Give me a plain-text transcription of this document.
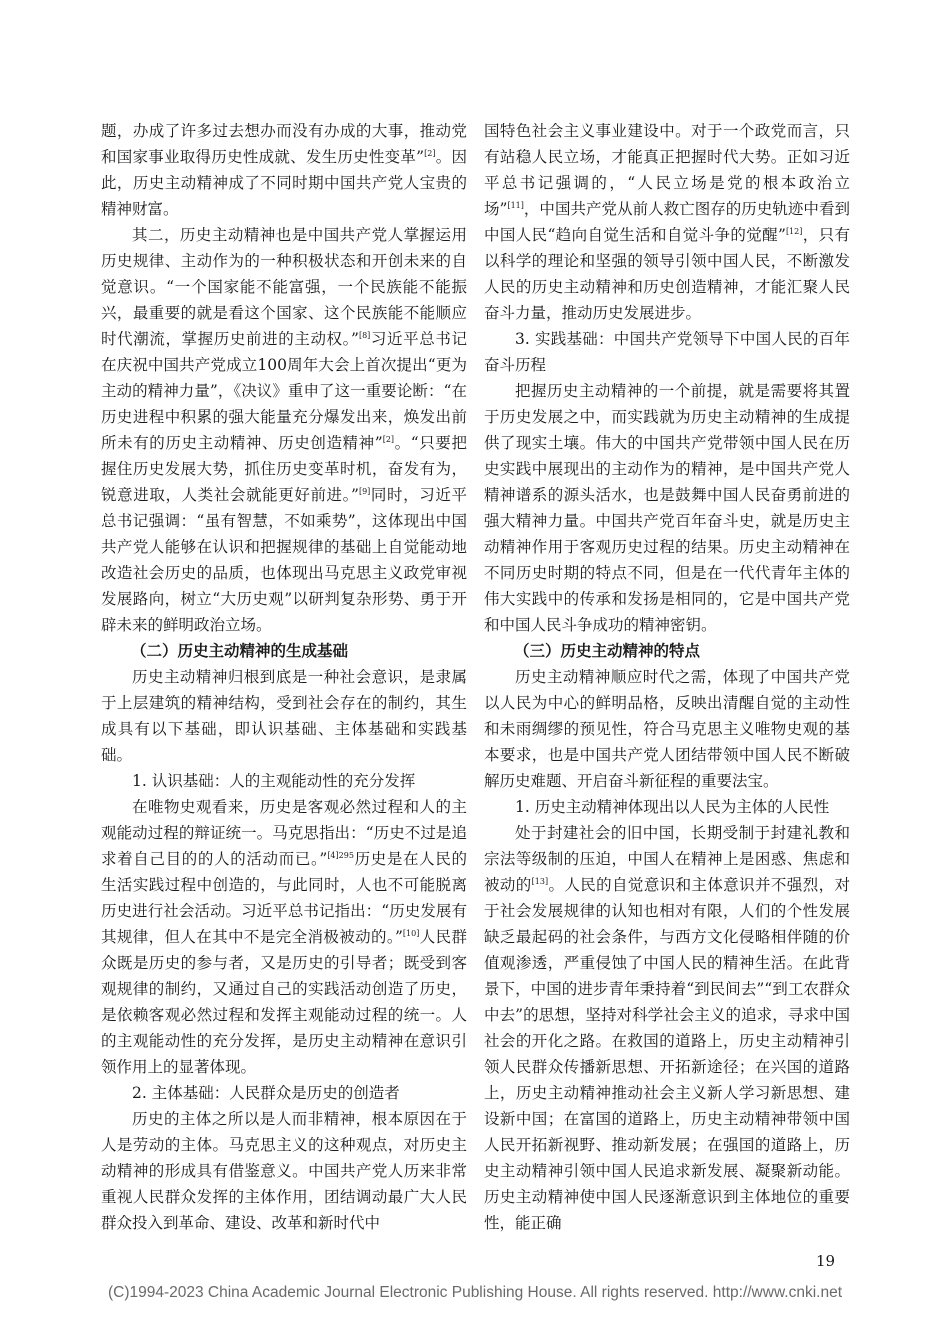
题，办成了许多过去想办而没有办成的大事，推动党和国家事业取得历史性成就、发生历史性变革”[2]。因此，历史主动精神成了不同时期中国共产党人宝贵的精神财富。

其二，历史主动精神也是中国共产党人掌握运用历史规律、主动作为的一种积极状态和开创未来的自觉意识。“一个国家能不能富强，一个民族能不能振兴，最重要的就是看这个国家、这个民族能不能顺应时代潮流，掌握历史前进的主动权。”[8]习近平总书记在庆祝中国共产党成立100周年大会上首次提出“更为主动的精神力量”，《决议》重申了这一重要论断：“在历史进程中积累的强大能量充分爆发出来，焕发出前所未有的历史主动精神、历史创造精神”[2]。“只要把握住历史发展大势，抓住历史变革时机，奋发有为，锐意进取，人类社会就能更好前进。”[9]同时，习近平总书记强调：“虽有智慧，不如乘势”，这体现出中国共产党人能够在认识和把握规律的基础上自觉能动地改造社会历史的品质，也体现出马克思主义政党审视发展路向，树立“大历史观”以研判复杂形势、勇于开辟未来的鲜明政治立场。

（二）历史主动精神的生成基础

历史主动精神归根到底是一种社会意识，是隶属于上层建筑的精神结构，受到社会存在的制约，其生成具有以下基础，即认识基础、主体基础和实践基础。

1. 认识基础：人的主观能动性的充分发挥

在唯物史观看来，历史是客观必然过程和人的主观能动过程的辩证统一。马克思指出：“历史不过是追求着自己目的的人的活动而已。”$^{[4]295}$历史是在人民的生活实践过程中创造的，与此同时，人也不可能脱离历史进行社会活动。习近平总书记指出：“历史发展有其规律，但人在其中不是完全消极被动的。”[10]人民群众既是历史的参与者，又是历史的引导者；既受到客观规律的制约，又通过自己的实践活动创造了历史，是依赖客观必然过程和发挥主观能动过程的统一。人的主观能动性的充分发挥，是历史主动精神在意识引领作用上的显著体现。

2. 主体基础：人民群众是历史的创造者

历史的主体之所以是人而非精神，根本原因在于人是劳动的主体。马克思主义的这种观点，对历史主动精神的形成具有借鉴意义。中国共产党人历来非常重视人民群众发挥的主体作用，团结调动最广大人民群众投入到革命、建设、改革和新时代中

国特色社会主义事业建设中。对于一个政党而言，只有站稳人民立场，才能真正把握时代大势。正如习近平总书记强调的，“人民立场是党的根本政治立场”[11]，中国共产党从前人救亡图存的历史轨迹中看到中国人民“趋向自觉生活和自觉斗争的觉醒”[12]，只有以科学的理论和坚强的领导引领中国人民，不断激发人民的历史主动精神和历史创造精神，才能汇聚人民奋斗力量，推动历史发展进步。

3. 实践基础：中国共产党领导下中国人民的百年奋斗历程

把握历史主动精神的一个前提，就是需要将其置于历史发展之中，而实践就为历史主动精神的生成提供了现实土壤。伟大的中国共产党带领中国人民在历史实践中展现出的主动作为的精神，是中国共产党人精神谱系的源头活水，也是鼓舞中国人民奋勇前进的强大精神力量。中国共产党百年奋斗史，就是历史主动精神作用于客观历史过程的结果。历史主动精神在不同历史时期的特点不同，但是在一代代青年主体的伟大实践中的传承和发扬是相同的，它是中国共产党和中国人民斗争成功的精神密钥。

（三）历史主动精神的特点

历史主动精神顺应时代之需，体现了中国共产党以人民为中心的鲜明品格，反映出清醒自觉的主动性和未雨绸缪的预见性，符合马克思主义唯物史观的基本要求，也是中国共产党人团结带领中国人民不断破解历史难题、开启奋斗新征程的重要法宝。

1. 历史主动精神体现出以人民为主体的人民性

处于封建社会的旧中国，长期受制于封建礼教和宗法等级制的压迫，中国人在精神上是困惑、焦虑和被动的[13]。人民的自觉意识和主体意识并不强烈，对于社会发展规律的认知也相对有限，人们的个性发展缺乏最起码的社会条件，与西方文化侵略相伴随的价值观渗透，严重侵蚀了中国人民的精神生活。在此背景下，中国的进步青年秉持着“到民间去”“到工农群众中去”的思想，坚持对科学社会主义的追求，寻求中国社会的开化之路。在救国的道路上，历史主动精神引领人民群众传播新思想、开拓新途径；在兴国的道路上，历史主动精神推动社会主义新人学习新思想、建设新中国；在富国的道路上，历史主动精神带领中国人民开拓新视野、推动新发展；在强国的道路上，历史主动精神引领中国人民追求新发展、凝聚新动能。历史主动精神使中国人民逐渐意识到主体地位的重要性，能正确

19
(C)1994-2023 China Academic Journal Electronic Publishing House. All rights reserved. http://www.cnki.net
